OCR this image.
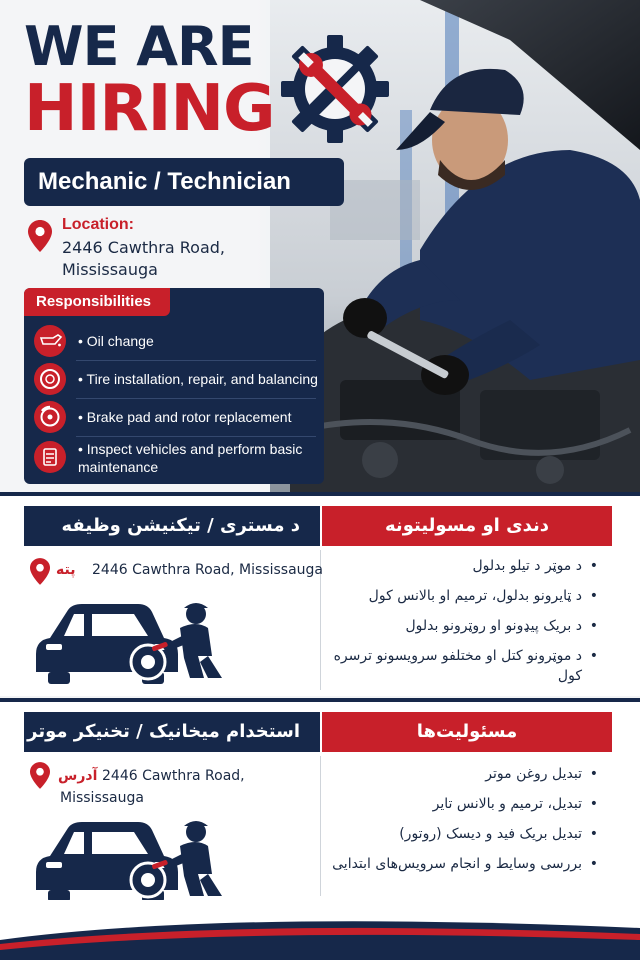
WE ARE
HIRING
Mechanic / Technician
Location:
2446 Cawthra Road,
Mississauga
Responsibilities
• Oil change
• Tire installation, repair, and balancing
• Brake pad and rotor replacement
• Inspect vehicles and perform basic maintenance
د مستری / تیکنیشن وظیفه	دندی او مسولیتونه
پته 2446 Cawthra Road, Mississauga
•	د موټر د تیلو بدلول
• د ټایرونو بدلول، ترمیم او بالانس کول
• د بریک پیډونو او روټرونو بدلول
• د موټرونو کتل او مختلفو سرویسونو ترسره کول
استخدام میخانیک / تخنیکر موتر	مسئولیت‌ها
آدرس 2446 Cawthra Road,
Mississauga
• تبدیل روغن موتر
• تبدیل، ترمیم و بالانس تایر
• تبدیل بریک فید و دیسک (روتور)
• بررسی وسایط و انجام سرویس‌های ابتدایی
